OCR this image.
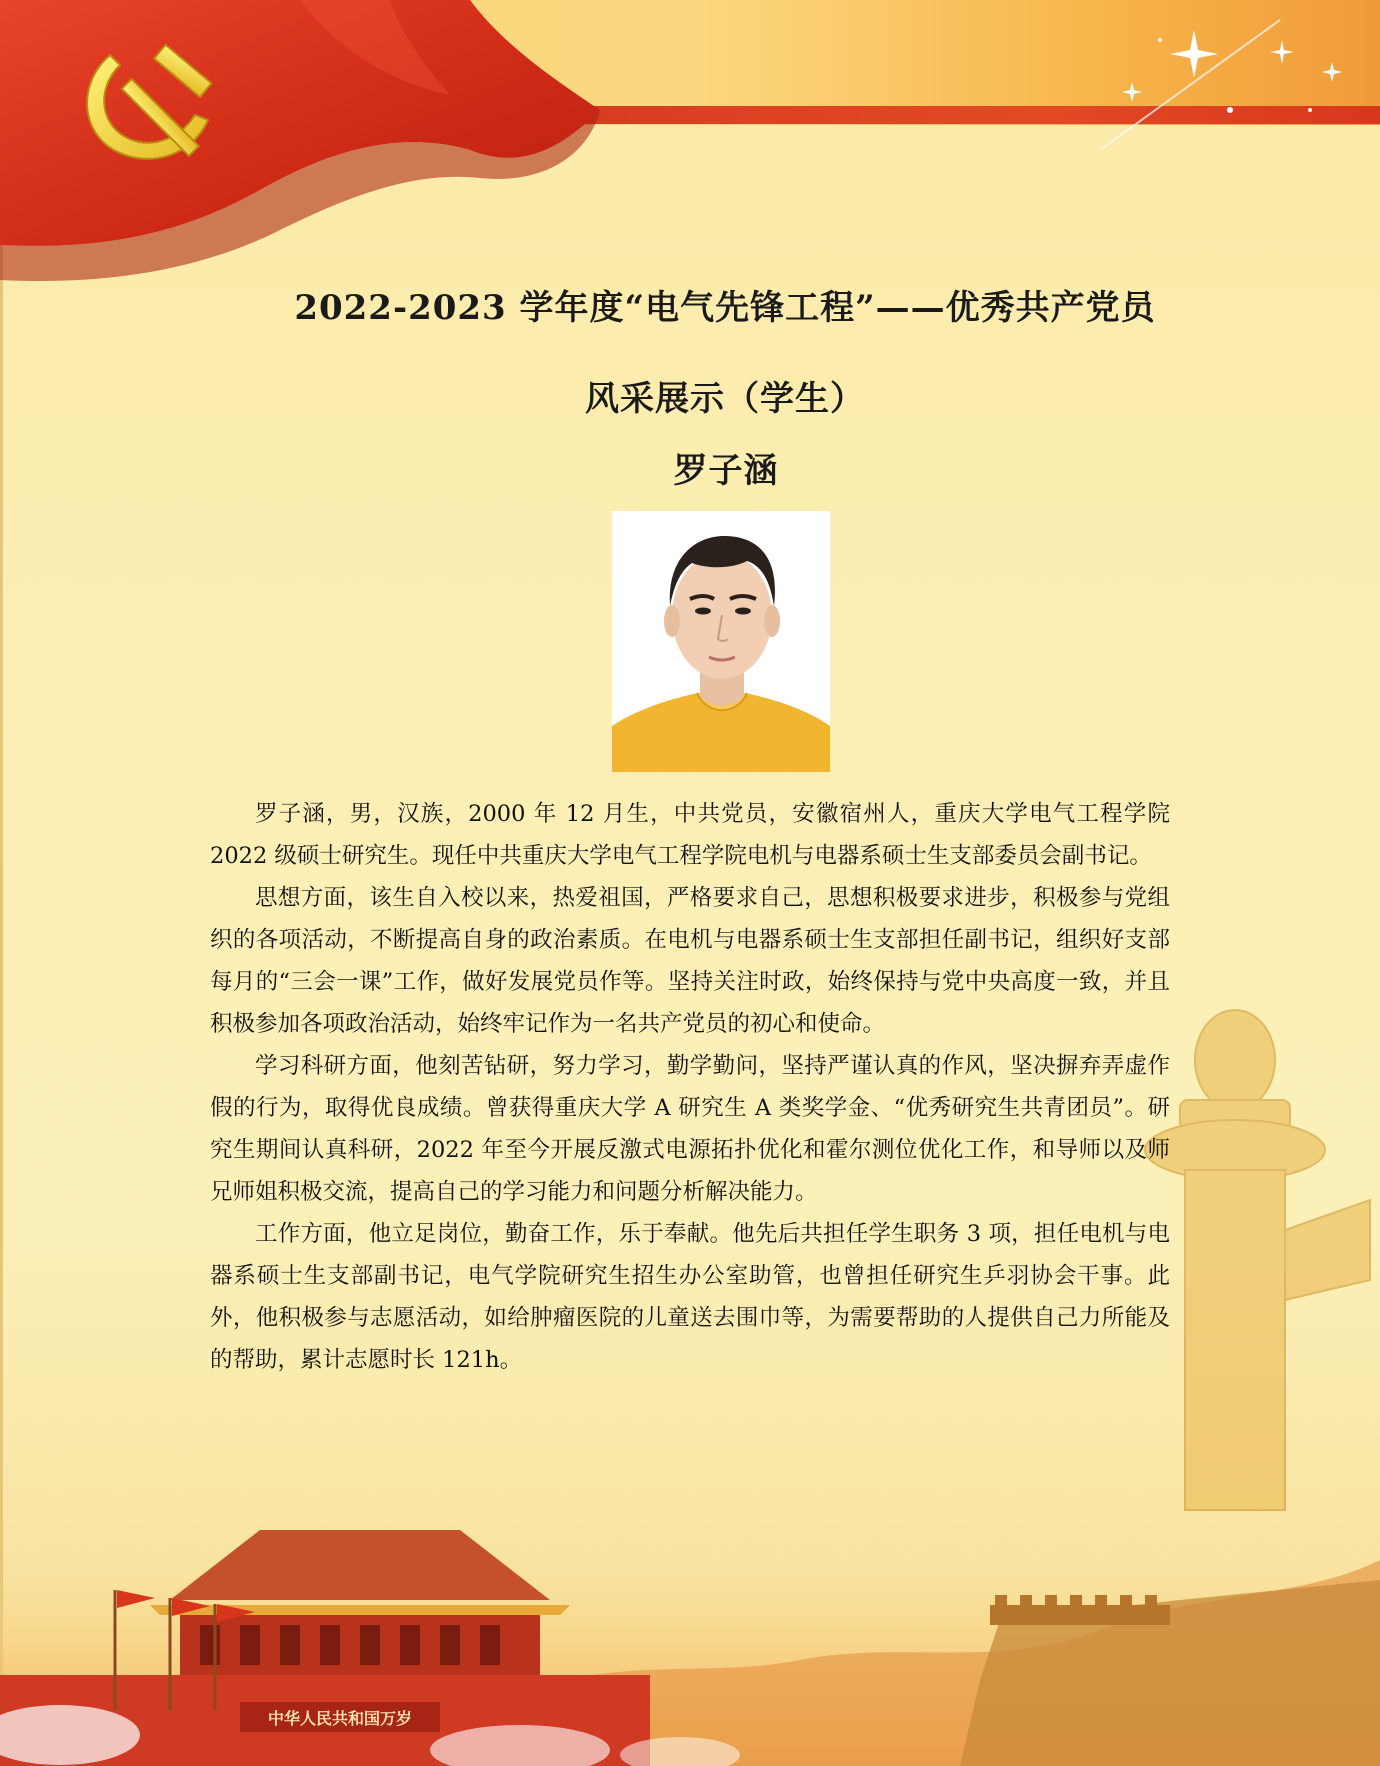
中华人民共和国万岁
2022-2023 学年度“电气先锋工程”——优秀共产党员
风采展示（学生）
罗子涵

罗子涵，男，汉族，2000 年 12 月生，中共党员，安徽宿州人，重庆大学电气工程学院 2022 级硕士研究生。现任中共重庆大学电气工程学院电机与电器系硕士生支部委员会副书记。

思想方面，该生自入校以来，热爱祖国，严格要求自己，思想积极要求进步，积极参与党组织的各项活动，不断提高自身的政治素质。在电机与电器系硕士生支部担任副书记，组织好支部每月的“三会一课”工作，做好发展党员作等。坚持关注时政，始终保持与党中央高度一致，并且积极参加各项政治活动，始终牢记作为一名共产党员的初心和使命。

学习科研方面，他刻苦钻研，努力学习，勤学勤问，坚持严谨认真的作风，坚决摒弃弄虚作假的行为，取得优良成绩。曾获得重庆大学 A 研究生 A 类奖学金、“优秀研究生共青团员”。研究生期间认真科研，2022 年至今开展反激式电源拓扑优化和霍尔测位优化工作，和导师以及师兄师姐积极交流，提高自己的学习能力和问题分析解决能力。

工作方面，他立足岗位，勤奋工作，乐于奉献。他先后共担任学生职务 3 项，担任电机与电器系硕士生支部副书记，电气学院研究生招生办公室助管，也曾担任研究生乒羽协会干事。此外，他积极参与志愿活动，如给肿瘤医院的儿童送去围巾等，为需要帮助的人提供自己力所能及的帮助，累计志愿时长 121h。
